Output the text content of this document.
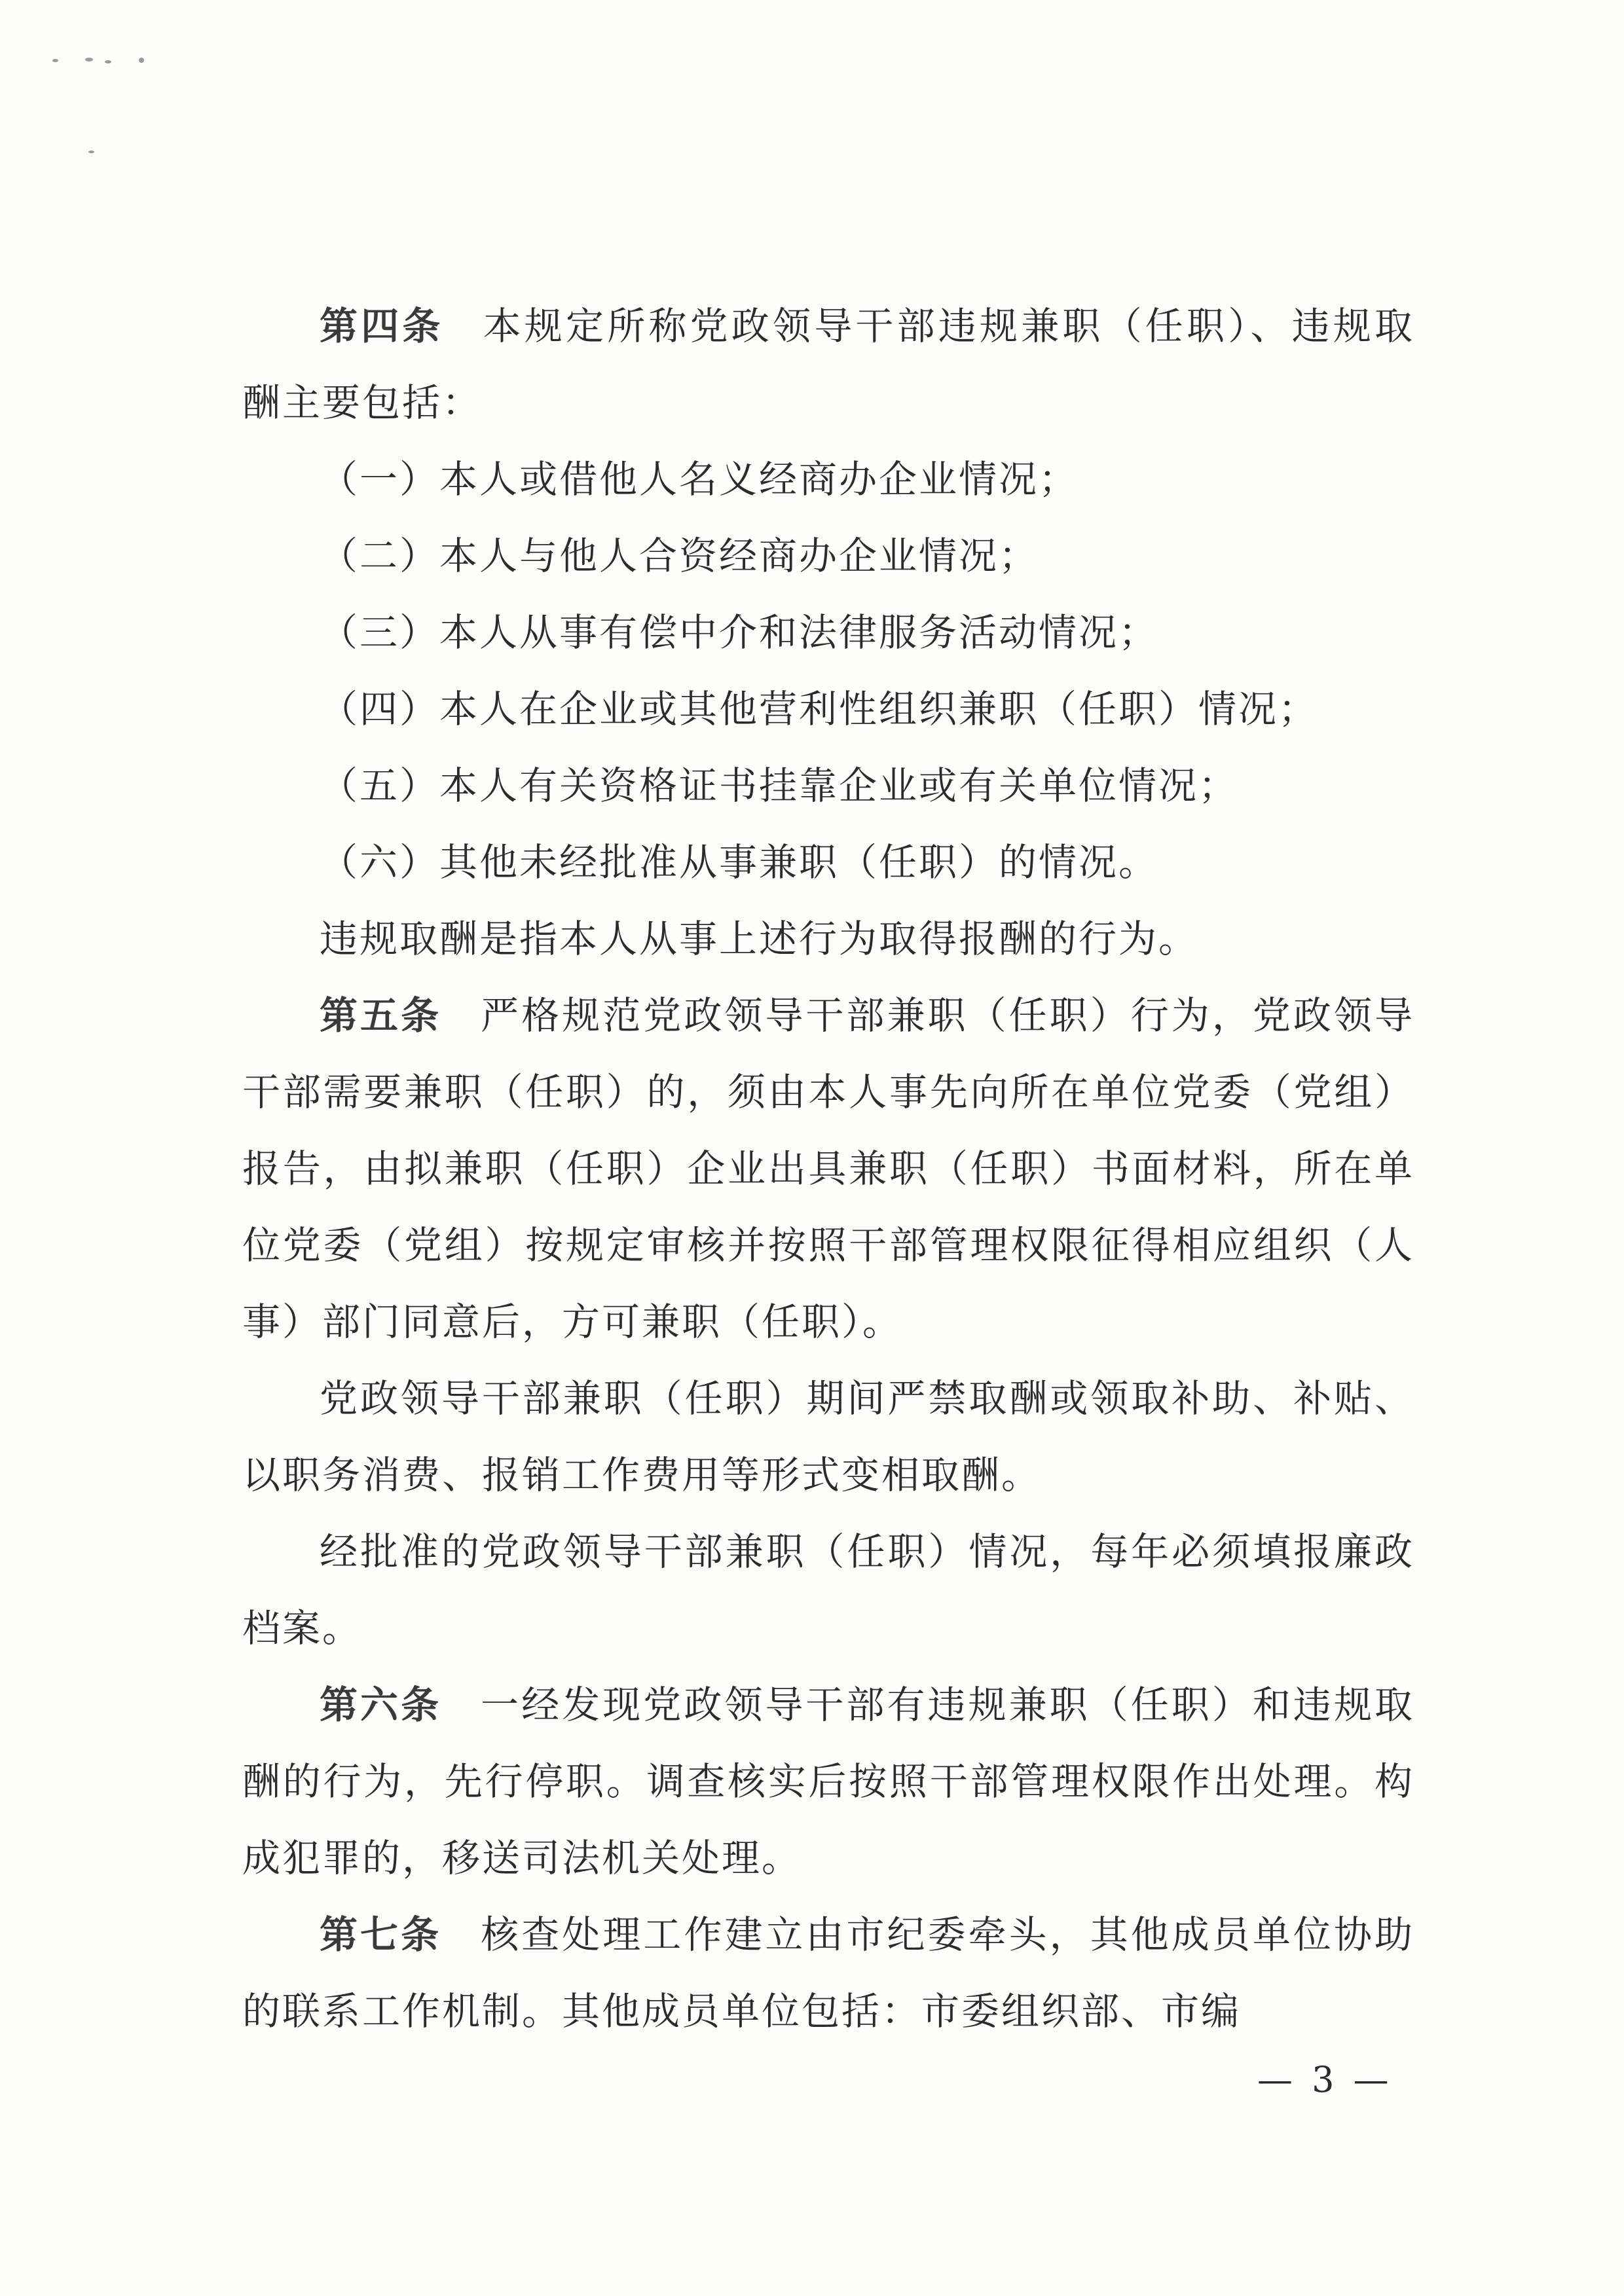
第四条 本规定所称党政领导干部违规兼职（任职）、违规取酬主要包括：

（一）本人或借他人名义经商办企业情况；

（二）本人与他人合资经商办企业情况；

（三）本人从事有偿中介和法律服务活动情况；

（四）本人在企业或其他营利性组织兼职（任职）情况；

（五）本人有关资格证书挂靠企业或有关单位情况；

（六）其他未经批准从事兼职（任职）的情况。

违规取酬是指本人从事上述行为取得报酬的行为。

第五条 严格规范党政领导干部兼职（任职）行为，党政领导干部需要兼职（任职）的，须由本人事先向所在单位党委（党组）报告，由拟兼职（任职）企业出具兼职（任职）书面材料，所在单位党委（党组）按规定审核并按照干部管理权限征得相应组织（人事）部门同意后，方可兼职（任职）。

党政领导干部兼职（任职）期间严禁取酬或领取补助、补贴、以职务消费、报销工作费用等形式变相取酬。

经批准的党政领导干部兼职（任职）情况，每年必须填报廉政档案。

第六条 一经发现党政领导干部有违规兼职（任职）和违规取酬的行为，先行停职。调查核实后按照干部管理权限作出处理。构成犯罪的，移送司法机关处理。

第七条 核查处理工作建立由市纪委牵头，其他成员单位协助的联系工作机制。其他成员单位包括：市委组织部、市编

— 3 —
